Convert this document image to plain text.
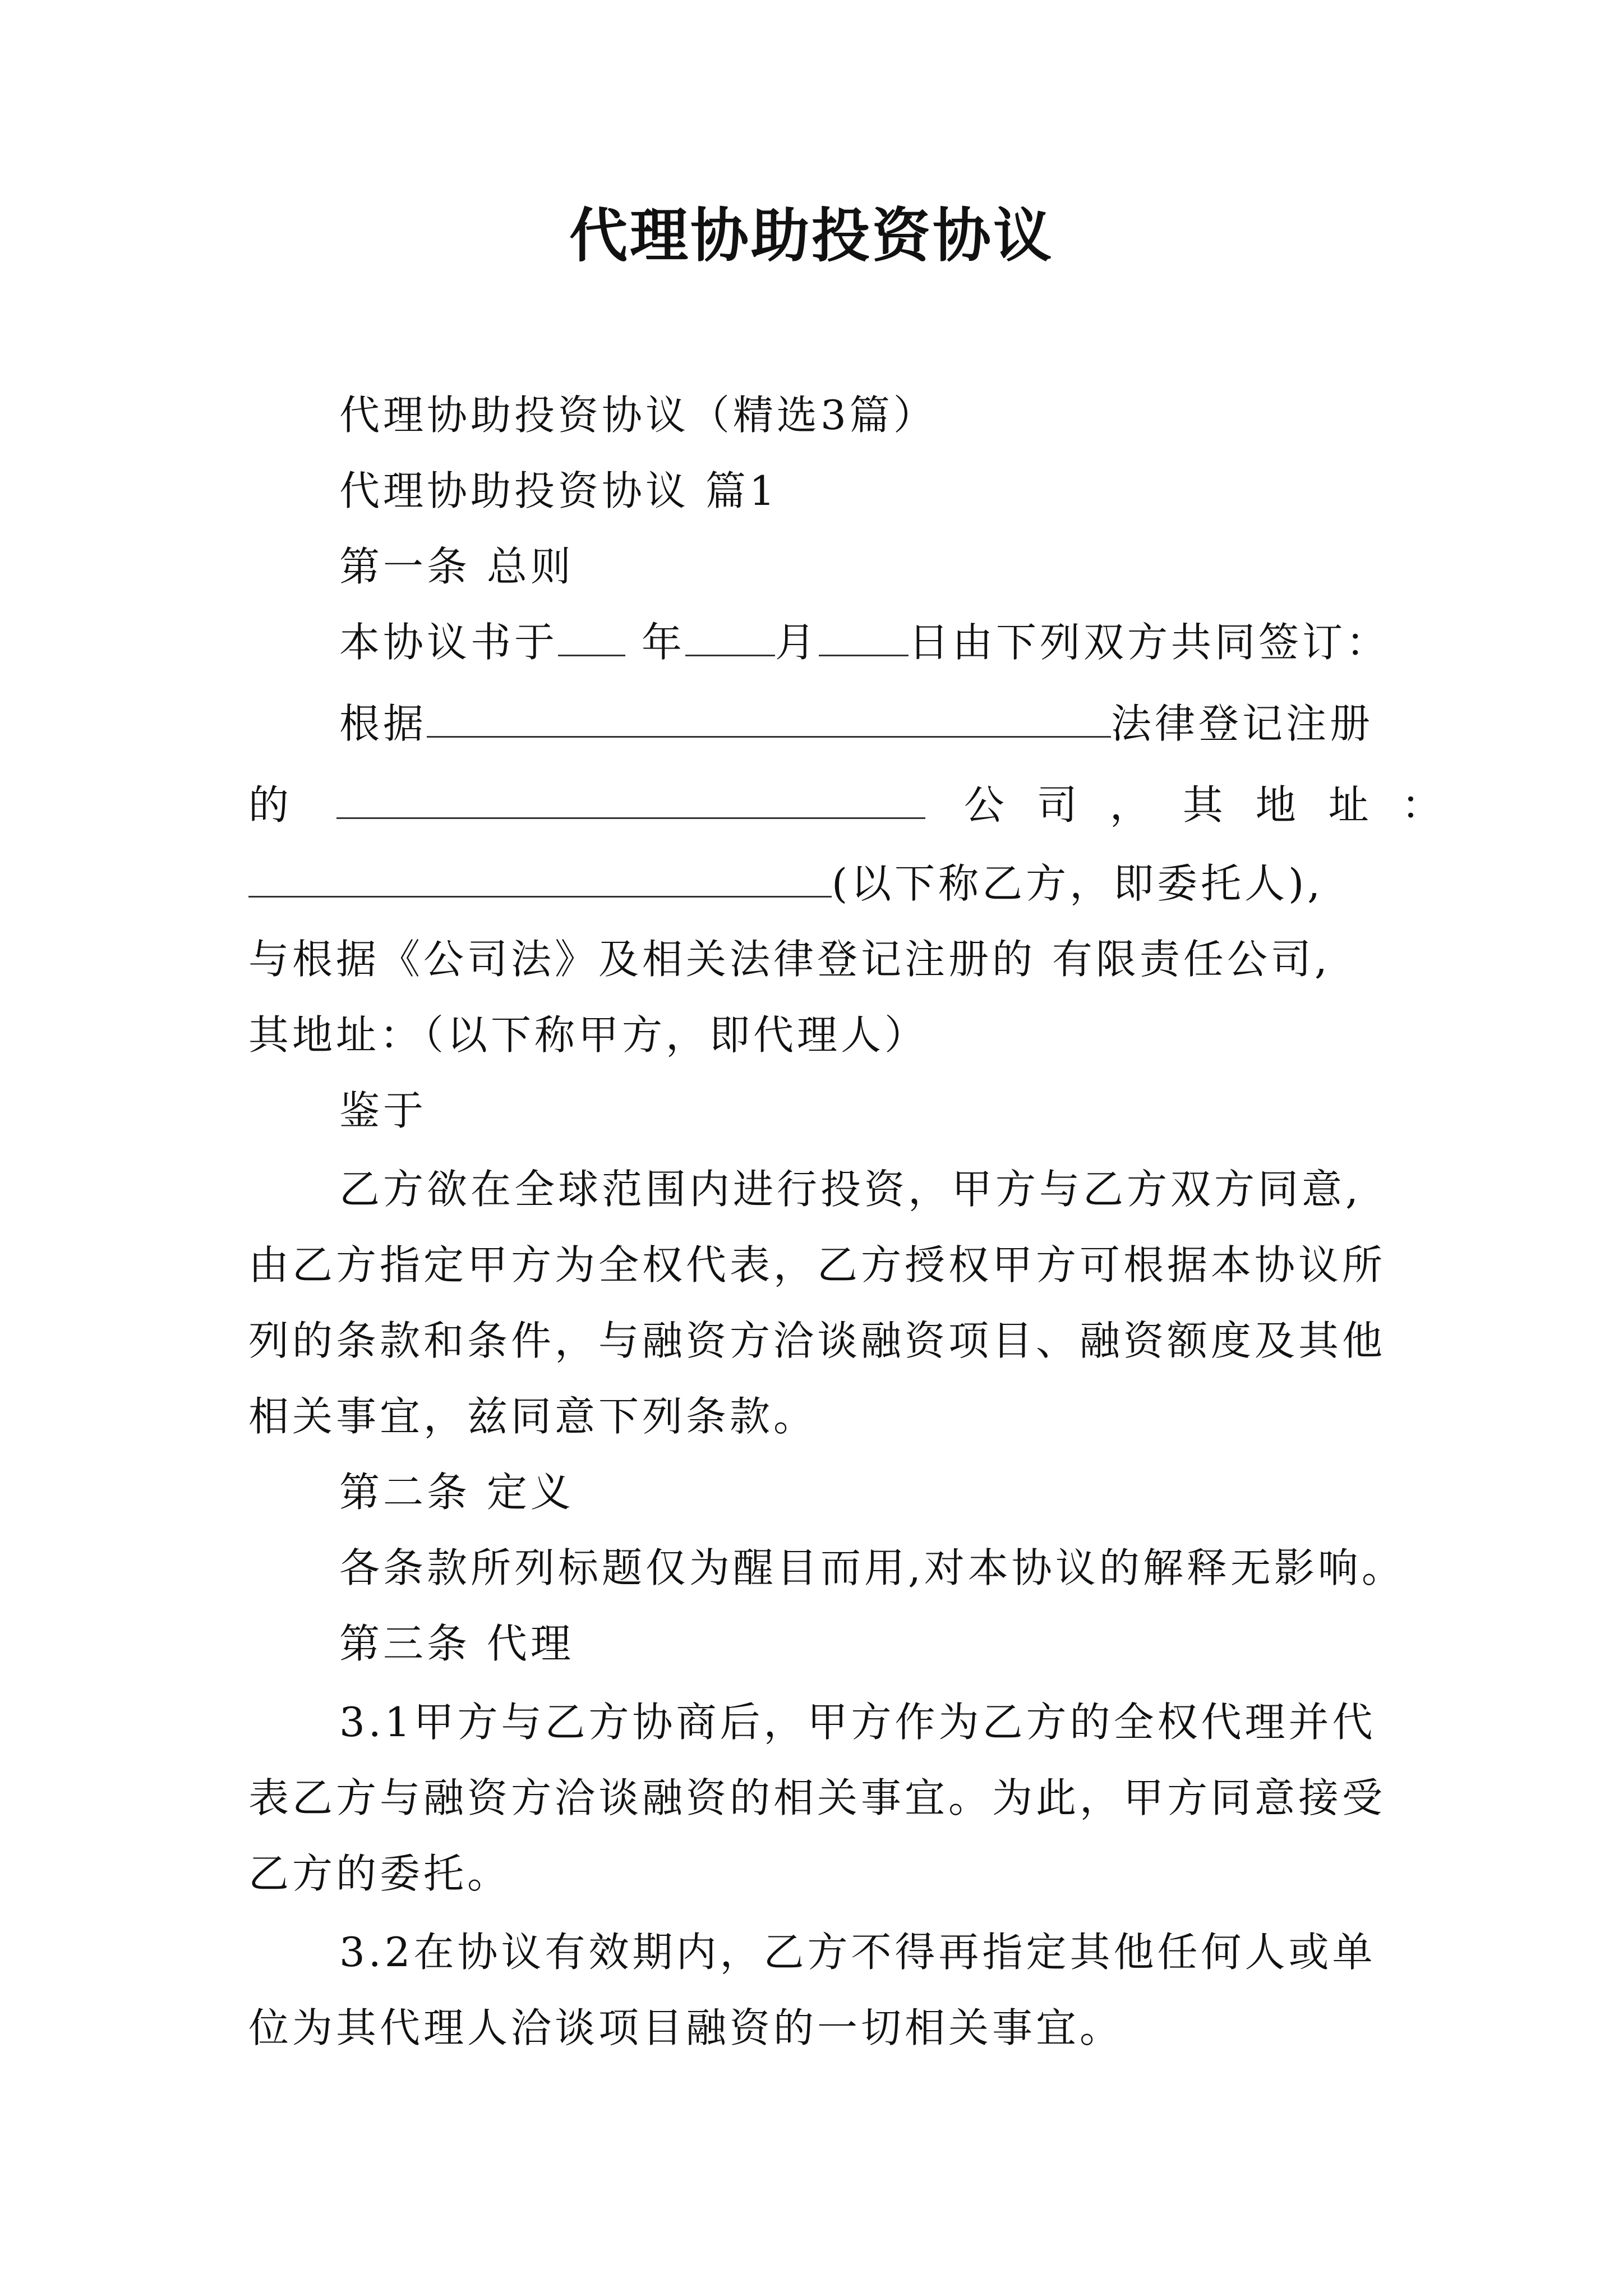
代理协助投资协议
代理协助投资协议（精选3篇）
代理协助投资协议 篇1
第一条 总则
本协议书于 年 月 日由下列双方共同签订：
根据	法律登记注册
的	公司，其地址：
(以下称乙方，即委托人),
与根据《公司法》及相关法律登记注册的 有限责任公司,
其地址：（以下称甲方，即代理人）
鉴于
乙方欲在全球范围内进行投资，甲方与乙方双方同意,
由乙方指定甲方为全权代表，乙方授权甲方可根据本协议所
列的条款和条件，与融资方洽谈融资项目、融资额度及其他
相关事宜，兹同意下列条款。
第二条 定义
各条款所列标题仅为醒目而用,对本协议的解释无影响。
第三条 代理
3.1甲方与乙方协商后，甲方作为乙方的全权代理并代
表乙方与融资方洽谈融资的相关事宜。为此，甲方同意接受
乙方的委托。
3.2在协议有效期内，乙方不得再指定其他任何人或单
位为其代理人洽谈项目融资的一切相关事宜。
